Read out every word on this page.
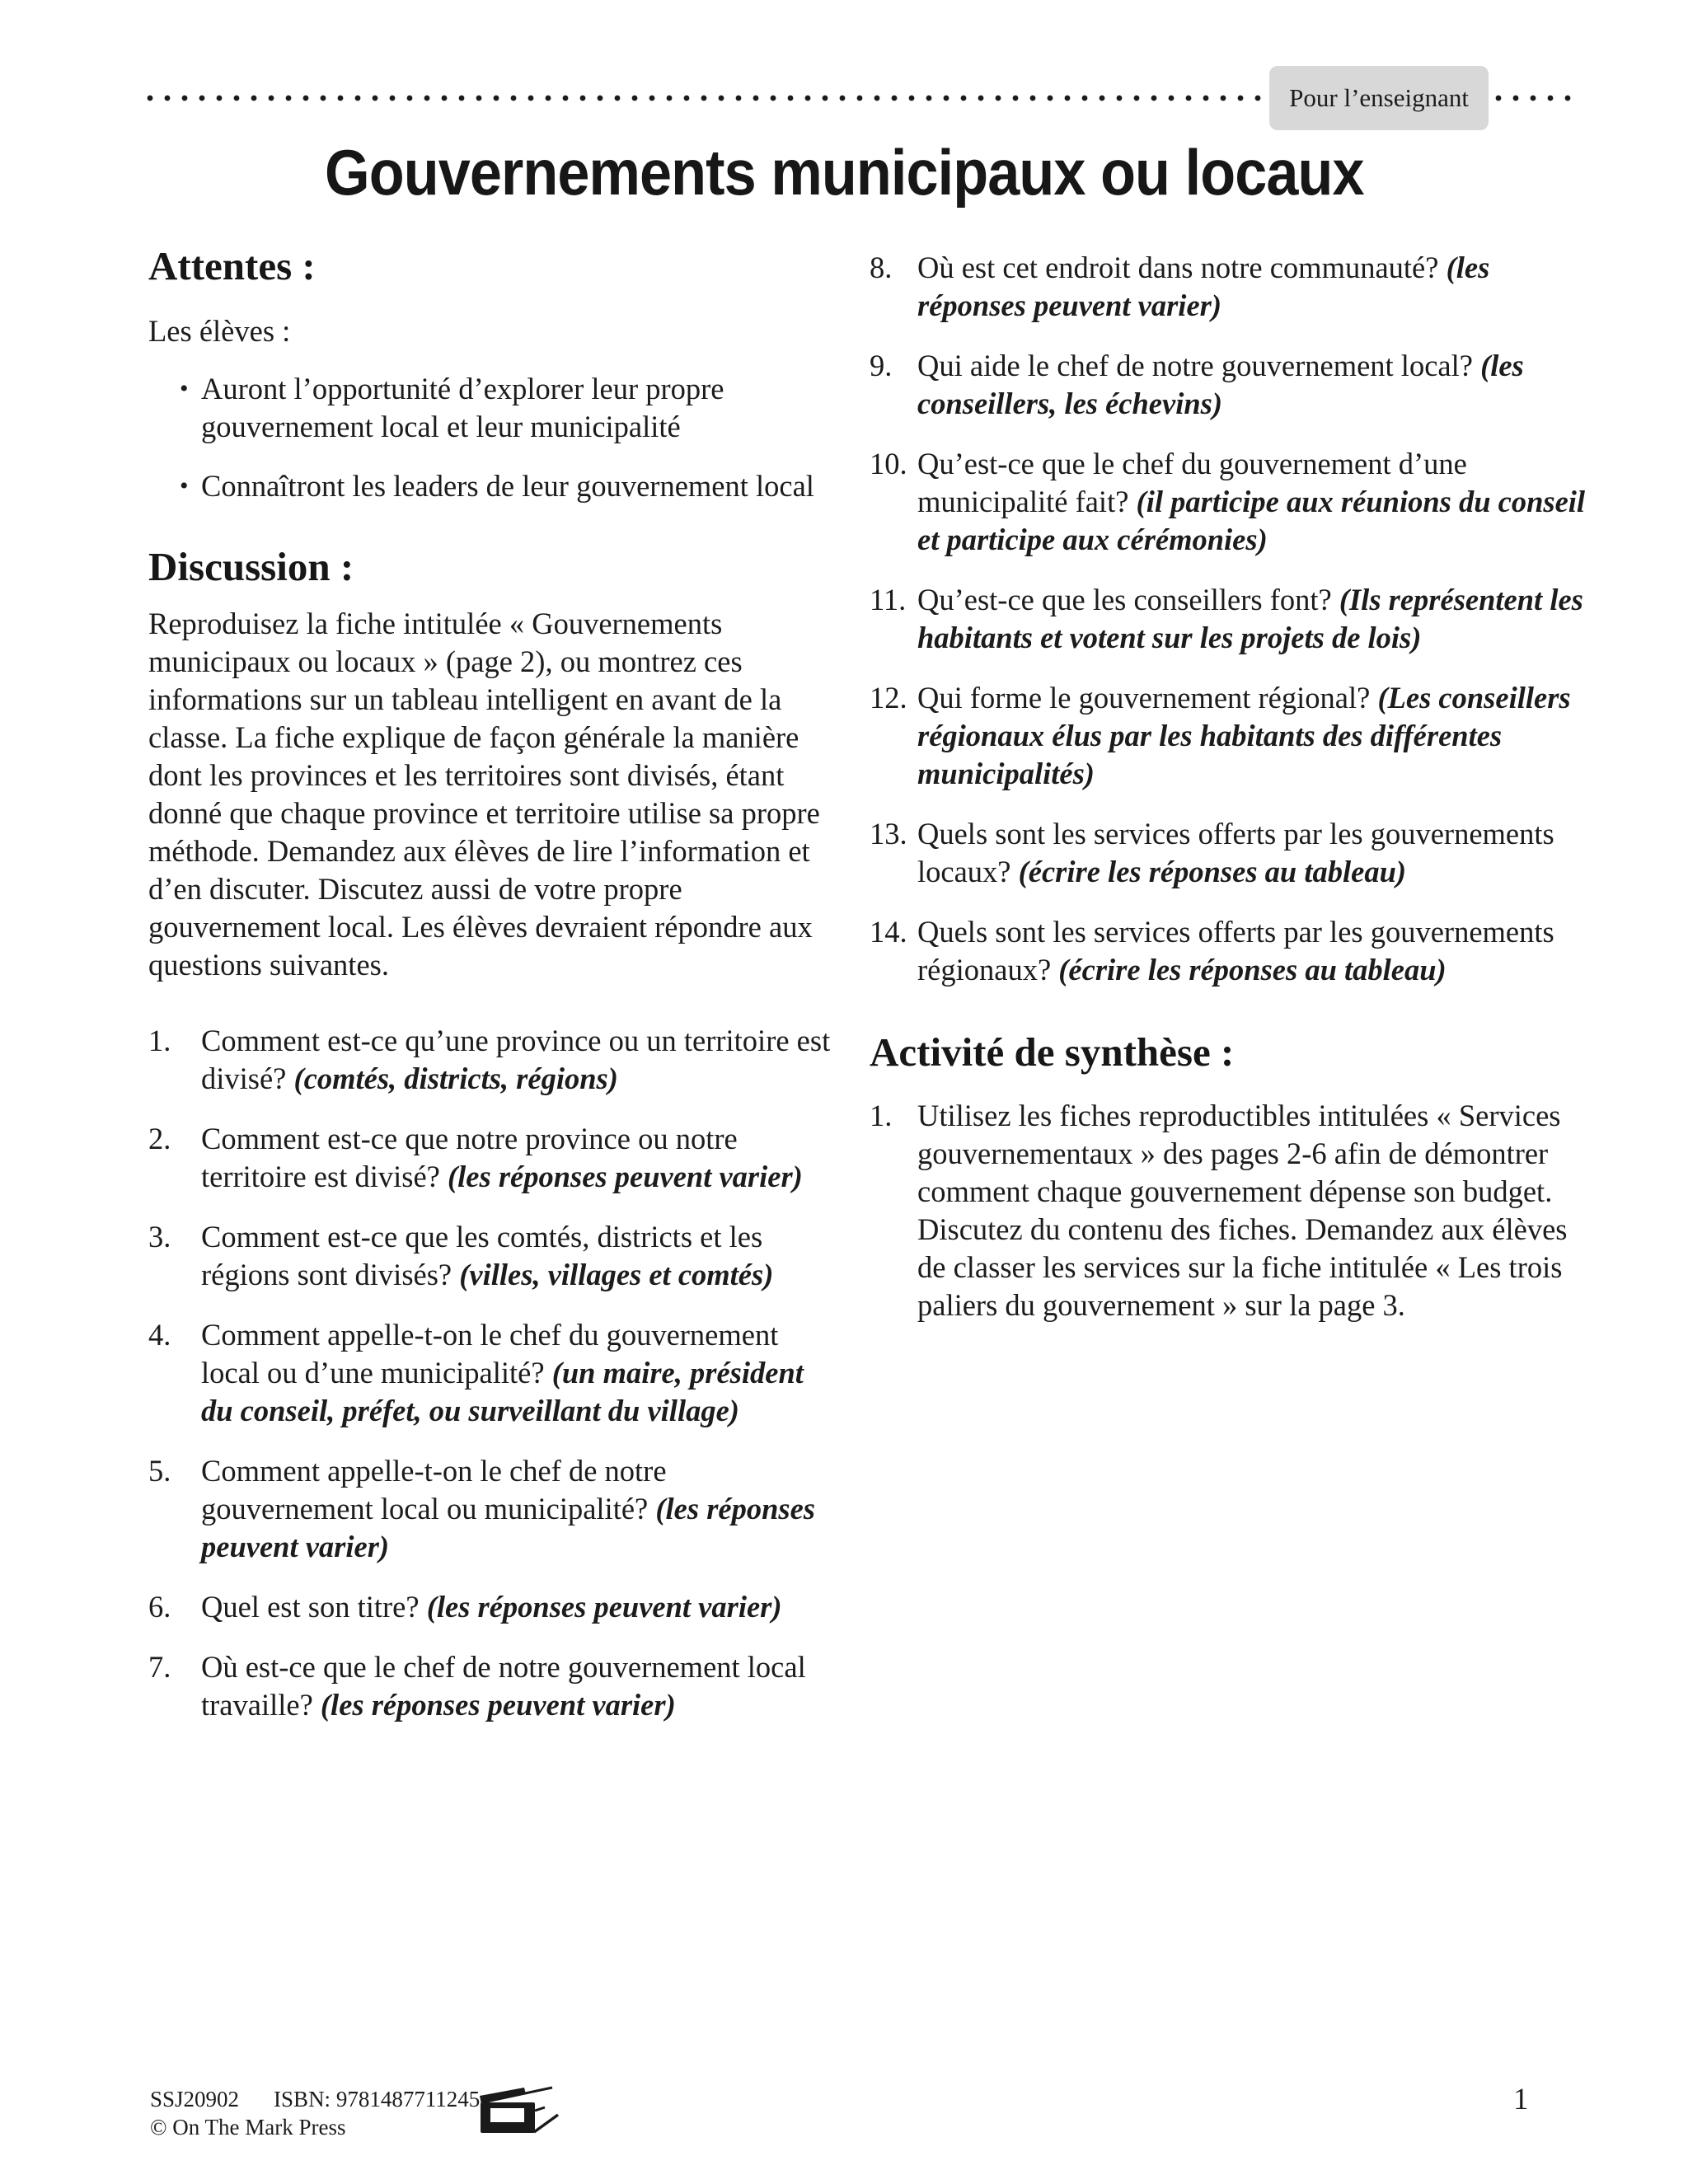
Pour l’enseignant
Gouvernements municipaux ou locaux
Attentes :

Les élèves :

• Auront l’opportunité d’explorer leur propre gouvernement local et leur municipalité
• Connaîtront les leaders de leur gouvernement local
Discussion :

Reproduisez la fiche intitulée « Gouvernements municipaux ou locaux » (page 2), ou montrez ces informations sur un tableau intelligent en avant de la classe. La fiche explique de façon générale la manière dont les provinces et les territoires sont divisés, étant donné que chaque province et territoire utilise sa propre méthode. Demandez aux élèves de lire l’information et d’en discuter. Discutez aussi de votre propre gouvernement local. Les élèves devraient répondre aux questions suivantes.

1.	Comment est-ce qu’une province ou un territoire est divisé? (comtés, districts, régions)
2.	Comment est-ce que notre province ou notre territoire est divisé? (les réponses peuvent varier)
3.	Comment est-ce que les comtés, districts et les régions sont divisés? (villes, villages et comtés)
4.	Comment appelle-t-on le chef du gouvernement local ou d’une municipalité? (un maire, président du conseil, préfet, ou surveillant du village)
5.	Comment appelle-t-on le chef de notre gouvernement local ou municipalité? (les réponses peuvent varier)
6.	Quel est son titre? (les réponses peuvent varier)
7.	Où est-ce que le chef de notre gouvernement local travaille? (les réponses peuvent varier)
8. Où est cet endroit dans notre communauté? (les réponses peuvent varier)
9. Qui aide le chef de notre gouvernement local? (les conseillers, les échevins)
10. Qu’est-ce que le chef du gouvernement d’une municipalité fait? (il participe aux réunions du conseil et participe aux cérémonies)
11. Qu’est-ce que les conseillers font? (Ils représentent les habitants et votent sur les projets de lois)
12. Qui forme le gouvernement régional? (Les conseillers régionaux élus par les habitants des différentes municipalités)
13. Quels sont les services offerts par les gouvernements locaux? (écrire les réponses au tableau)
14. Quels sont les services offerts par les gouvernements régionaux? (écrire les réponses au tableau)
Activité de synthèse :
1. Utilisez les fiches reproductibles intitulées « Services gouvernementaux » des pages 2-6 afin de démontrer comment chaque gouvernement dépense son budget. Discutez du contenu des fiches. Demandez aux élèves de classer les services sur la fiche intitulée « Les trois paliers du gouvernement » sur la page 3.
SSJ20902 ISBN: 9781487711245
© On The Mark Press
1
